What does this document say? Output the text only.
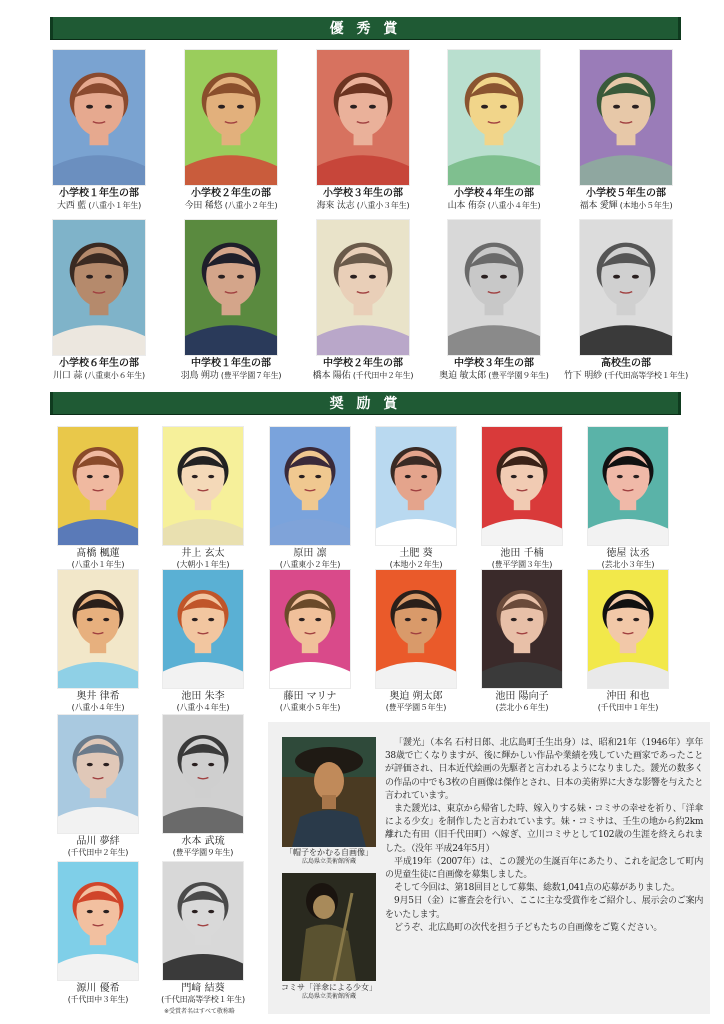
優 秀 賞
小学校１年生の部
大西 藍 (八重小１年生)
小学校２年生の部
今田 稀悠 (八重小２年生)
小学校３年生の部
海來 汰志 (八重小３年生)
小学校４年生の部
山本 侑奈 (八重小４年生)
小学校５年生の部
福本 愛輝 (本地小５年生)
小学校６年生の部
川口 蒜 (八重東小６年生)
中学校１年生の部
羽鳥 朔功 (豊平学園７年生)
中学校２年生の部
橋本 陽佑 (千代田中２年生)
中学校３年生の部
奥迫 敏太郎 (豊平学園９年生)
高校生の部
竹下 明紗 (千代田高等学校１年生)
奨 励 賞
髙橋 楓蓮
(八重小１年生)
井上 玄太
(大朝小１年生)
原田 凛
(八重東小２年生)
土肥 葵
(本地小２年生)
池田 千楠
(豊平学園３年生)
徳屋 汰丞
(芸北小３年生)
奥井 律希
(八重小４年生)
池田 朱李
(八重小４年生)
藤田 マリナ
(八重東小５年生)
奥迫 朔太郎
(豊平学園５年生)
池田 陽向子
(芸北小６年生)
沖田 和也
(千代田中１年生)
品川 夢絆
(千代田中２年生)
水本 武琉
(豊平学園９年生)
源川 優希
(千代田中３年生)
門﨑 結葵
(千代田高等学校１年生)
「帽子をかむる自画像」
広島県立美術館所蔵
コミサ「洋傘による少女」
広島県立美術館所蔵

「靉光」（本名 石村日郎、北広島町壬生出身）は、昭和21年（1946年）享年38歳で亡くなりますが、後に輝かしい作品や業績を残していた画家であったことが評価され、日本近代絵画の先駆者と言われるようになりました。靉光の数多くの作品の中でも3枚の自画像は傑作とされ、日本の美術界に大きな影響を与えたと言われています。

また靉光は、東京から帰省した時、嫁入りする妹・コミサの幸せを祈り、「洋傘による少女」を制作したと言われています。妹・コミサは、壬生の地から約2km離れた有田（旧千代田町）へ嫁ぎ、立川コミサとして102歳の生涯を終えられました。（没年 平成24年5月）

平成19年（2007年）は、この靉光の生誕百年にあたり、これを記念して町内の児童生徒に自画像を募集しました。

そして今回は、第18回目として募集、総数1,041点の応募がありました。

9月5日（金）に審査会を行い、ここに主な受賞作をご紹介し、展示会のご案内をいたします。

どうぞ、北広島町の次代を担う子どもたちの自画像をご覧ください。

※受賞者名はすべて敬称略
